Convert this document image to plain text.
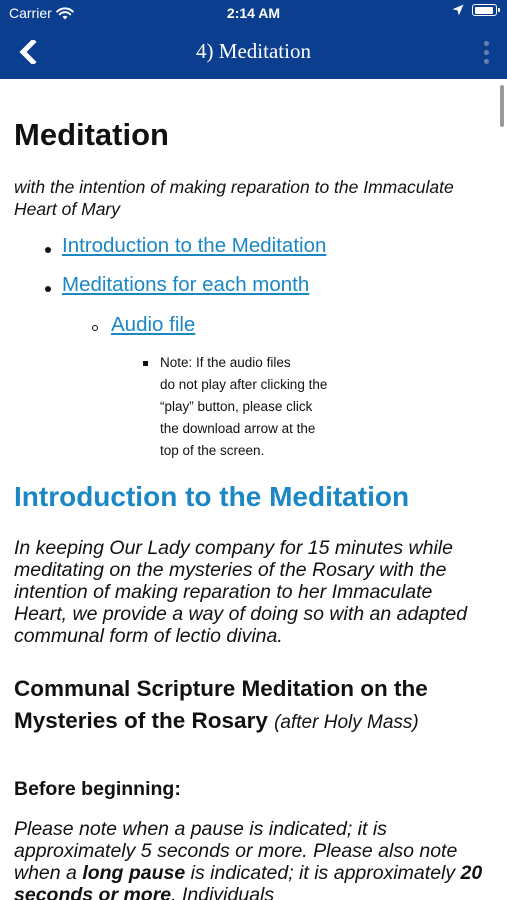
Carrier	2:14 AM
4) Meditation
Meditation
with the intention of making reparation to the Immaculate Heart of Mary
Introduction to the Meditation
Meditations for each month
Audio file
Note: If the audio files
do not play after clicking the
“play” button, please click
the download arrow at the
top of the screen.
Introduction to the Meditation
In keeping Our Lady company for 15 minutes while meditating on the mysteries of the Rosary with the intention of making reparation to her Immaculate Heart, we provide a way of doing so with an adapted communal form of lectio divina.
Communal Scripture Meditation on the Mysteries of the Rosary (after Holy Mass)
Before beginning:
Please note when a pause is indicated; it is approximately 5 seconds or more. Please also note when a long pause is indicated; it is approximately 20 seconds or more. Individuals
